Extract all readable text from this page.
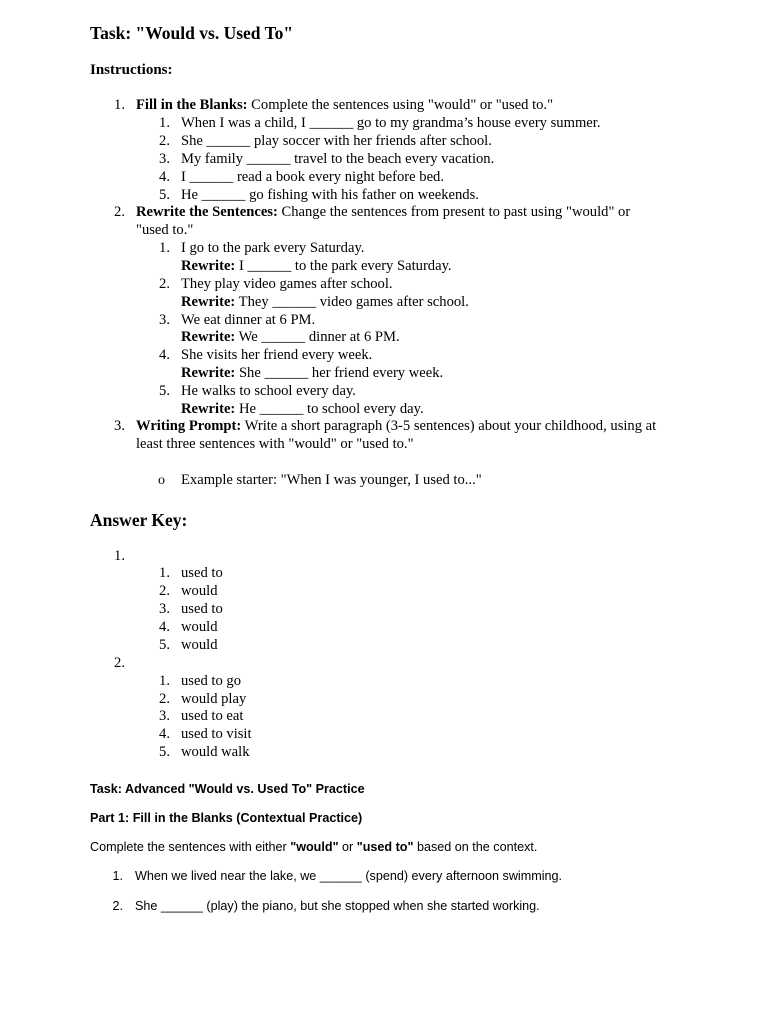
Task: "Would vs. Used To"
Instructions:
1. Fill in the Blanks: Complete the sentences using "would" or "used to."
1. When I was a child, I ______ go to my grandma’s house every summer.
2. She ______ play soccer with her friends after school.
3. My family ______ travel to the beach every vacation.
4. I ______ read a book every night before bed.
5. He ______ go fishing with his father on weekends.
2. Rewrite the Sentences: Change the sentences from present to past using "would" or
"used to."
1. I go to the park every Saturday.
Rewrite: I ______ to the park every Saturday.
2. They play video games after school.
Rewrite: They ______ video games after school.
3. We eat dinner at 6 PM.
Rewrite: We ______ dinner at 6 PM.
4. She visits her friend every week.
Rewrite: She ______ her friend every week.
5. He walks to school every day.
Rewrite: He ______ to school every day.
3. Writing Prompt: Write a short paragraph (3-5 sentences) about your childhood, using at
least three sentences with "would" or "used to."
o Example starter: "When I was younger, I used to..."
Answer Key:
1.
1. used to
2. would
3. used to
4. would
5. would
2.
1. used to go
2. would play
3. used to eat
4. used to visit
5. would walk
Task: Advanced "Would vs. Used To" Practice
Part 1: Fill in the Blanks (Contextual Practice)
Complete the sentences with either "would" or "used to" based on the context.
1. When we lived near the lake, we ______ (spend) every afternoon swimming.
2. She ______ (play) the piano, but she stopped when she started working.
